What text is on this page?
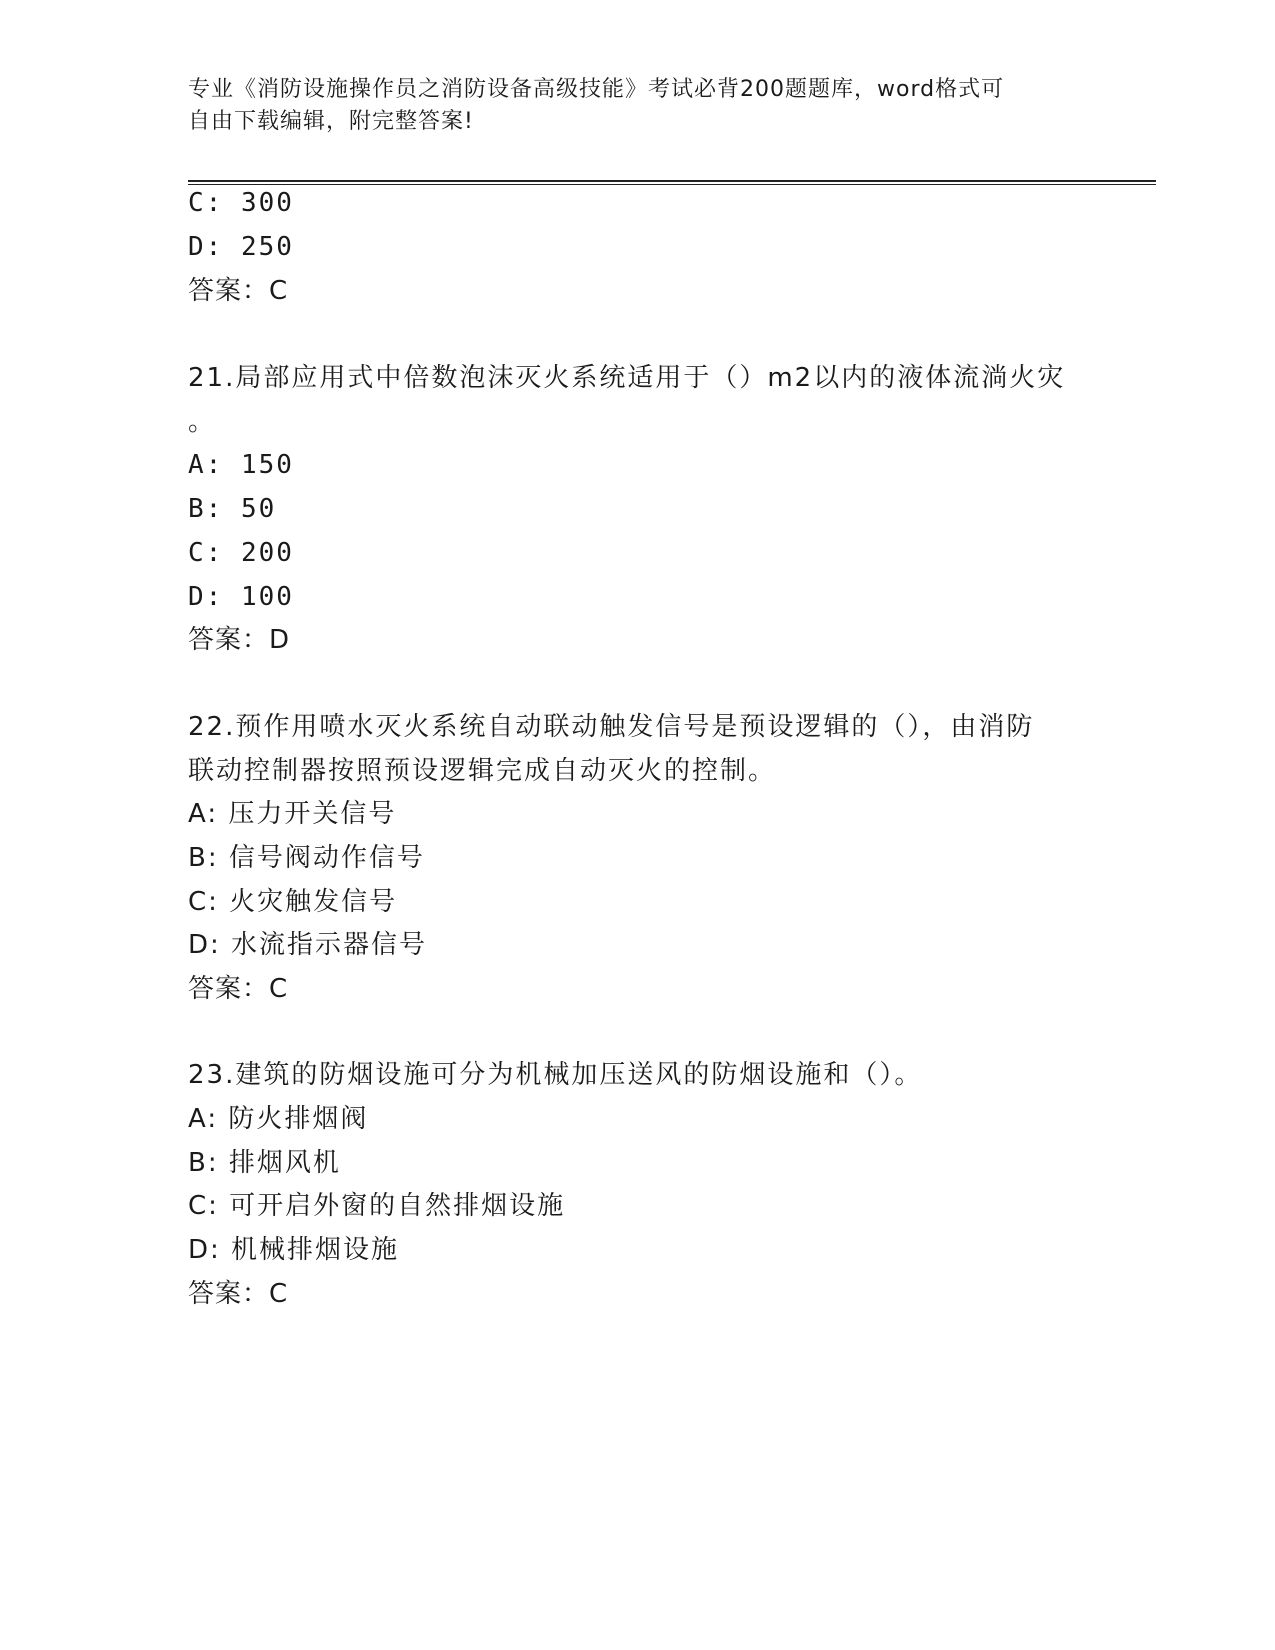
专业《消防设施操作员之消防设备高级技能》考试必背200题题库，word格式可
自由下载编辑，附完整答案!
C: 300
D: 250
答案：C
21.局部应用式中倍数泡沫灭火系统适用于（）m2以内的液体流淌火灾
。
A: 150
B: 50
C: 200
D: 100
答案：D
22.预作用喷水灭火系统自动联动触发信号是预设逻辑的（），由消防
联动控制器按照预设逻辑完成自动灭火的控制。
A: 压力开关信号
B: 信号阀动作信号
C: 火灾触发信号
D: 水流指示器信号
答案：C
23.建筑的防烟设施可分为机械加压送风的防烟设施和（）。
A: 防火排烟阀
B: 排烟风机
C: 可开启外窗的自然排烟设施
D: 机械排烟设施
答案：C
